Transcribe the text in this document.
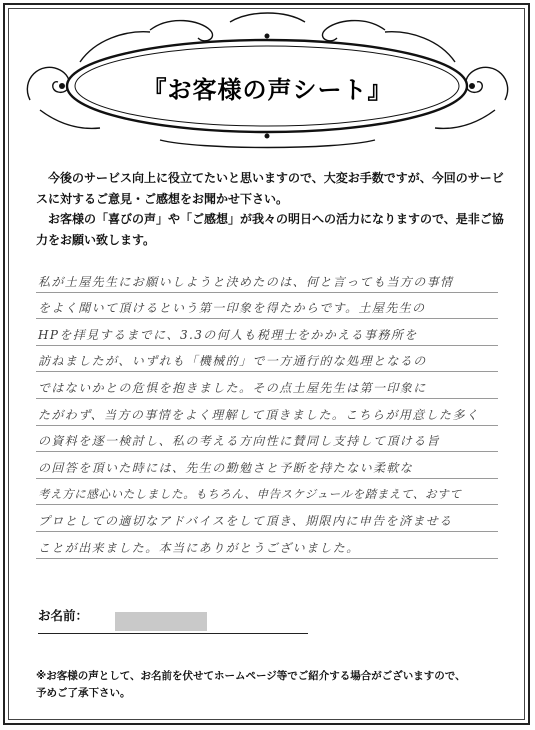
『お客様の声シート』

今後のサービス向上に役立てたいと思いますので、大変お手数ですが、今回のサービスに対するご意見・ご感想をお聞かせ下さい。

お客様の「喜びの声」や「ご感想」が我々の明日への活力になりますので、是非ご協力をお願い致します。

私が土屋先生にお願いしようと決めたのは、何と言っても当方の事情
をよく聞いて頂けるという第一印象を得たからです。土屋先生の
HPを拝見するまでに、3.3の何人も税理士をかかえる事務所を
訪ねましたが、いずれも「機械的」で一方通行的な処理となるの
ではないかとの危惧を抱きました。その点土屋先生は第一印象に
たがわず、当方の事情をよく理解して頂きました。こちらが用意した多く
の資料を逐一検討し、私の考える方向性に賛同し支持して頂ける旨
の回答を頂いた時には、先生の勤勉さと予断を持たない柔軟な
考え方に感心いたしました。もちろん、申告スケジュールを踏まえて、おすて
プロとしての適切なアドバイスをして頂き、期限内に申告を済ませる
ことが出来ました。本当にありがとうございました。
お名前：

※お客様の声として、お名前を伏せてホームページ等でご紹介する場合がございますので、

予めご了承下さい。
